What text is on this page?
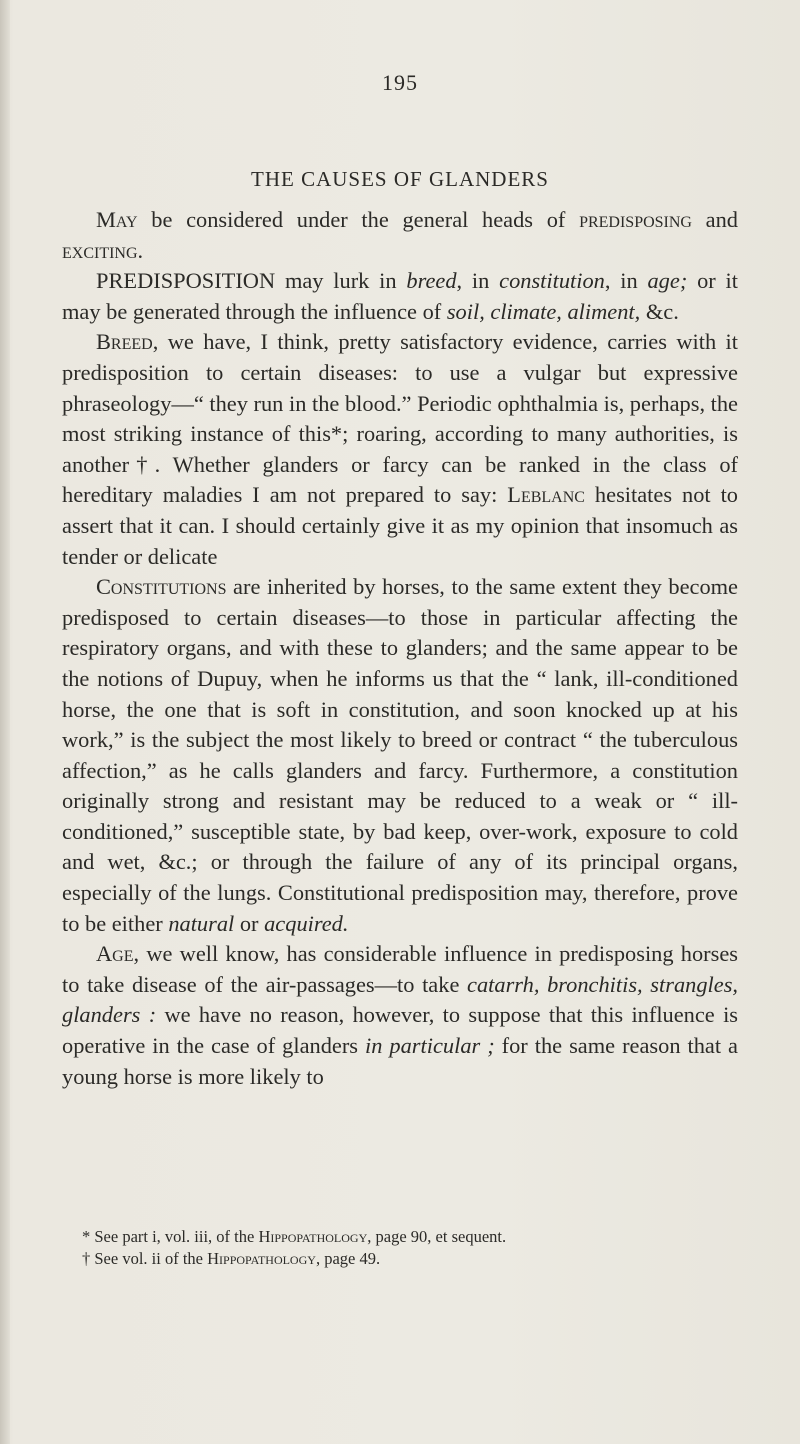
195
THE CAUSES OF GLANDERS

May be considered under the general heads of predisposing and exciting.

PREDISPOSITION may lurk in breed, in constitution, in age; or it may be generated through the influence of soil, climate, aliment, &c.

Breed, we have, I think, pretty satisfactory evidence, carries with it predisposition to certain diseases: to use a vulgar but expressive phraseology—“ they run in the blood.” Periodic ophthalmia is, perhaps, the most striking instance of this*; roaring, according to many authorities, is another†. Whether glanders or farcy can be ranked in the class of hereditary maladies I am not prepared to say: Leblanc hesitates not to assert that it can. I should certainly give it as my opinion that insomuch as tender or delicate

Constitutions are inherited by horses, to the same extent they become predisposed to certain diseases—to those in particular affecting the respiratory organs, and with these to glanders; and the same appear to be the notions of Dupuy, when he informs us that the “ lank, ill-conditioned horse, the one that is soft in constitution, and soon knocked up at his work,” is the subject the most likely to breed or contract “ the tuberculous affection,” as he calls glanders and farcy. Furthermore, a constitution originally strong and resistant may be reduced to a weak or “ ill-conditioned,” susceptible state, by bad keep, over-work, exposure to cold and wet, &c.; or through the failure of any of its principal organs, especially of the lungs. Constitutional predisposition may, therefore, prove to be either natural or acquired.

Age, we well know, has considerable influence in predisposing horses to take disease of the air-passages—to take catarrh, bronchitis, strangles, glanders : we have no reason, however, to suppose that this influence is operative in the case of glanders in particular ; for the same reason that a young horse is more likely to

* See part i, vol. iii, of the Hippopathology, page 90, et sequent.

† See vol. ii of the Hippopathology, page 49.
